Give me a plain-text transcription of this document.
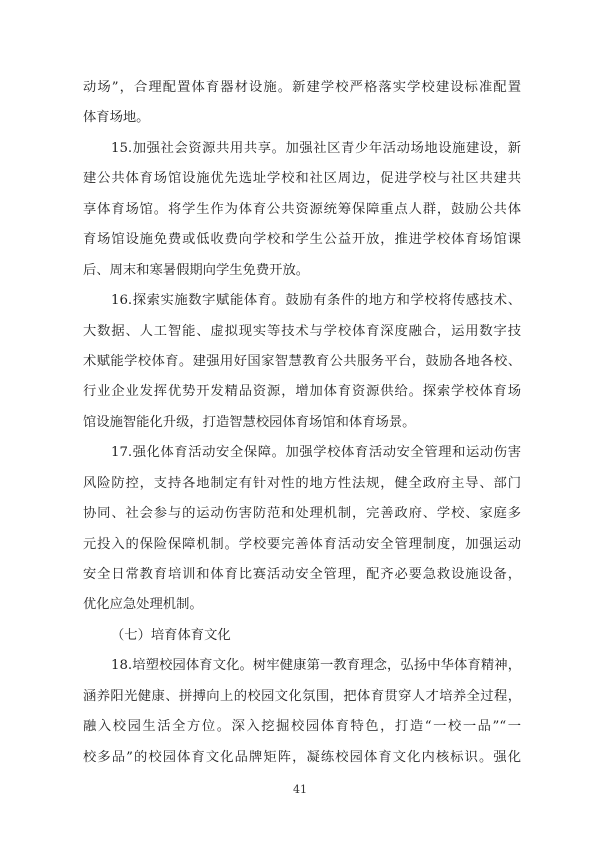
动场”，合理配置体育器材设施。新建学校严格落实学校建设标准配置
体育场地。
15.加强社会资源共用共享。加强社区青少年活动场地设施建设，新
建公共体育场馆设施优先选址学校和社区周边，促进学校与社区共建共
享体育场馆。将学生作为体育公共资源统筹保障重点人群，鼓励公共体
育场馆设施免费或低收费向学校和学生公益开放，推进学校体育场馆课
后、周末和寒暑假期向学生免费开放。
16.探索实施数字赋能体育。鼓励有条件的地方和学校将传感技术、
大数据、人工智能、虚拟现实等技术与学校体育深度融合，运用数字技
术赋能学校体育。建强用好国家智慧教育公共服务平台，鼓励各地各校、
行业企业发挥优势开发精品资源，增加体育资源供给。探索学校体育场
馆设施智能化升级，打造智慧校园体育场馆和体育场景。
17.强化体育活动安全保障。加强学校体育活动安全管理和运动伤害
风险防控，支持各地制定有针对性的地方性法规，健全政府主导、部门
协同、社会参与的运动伤害防范和处理机制，完善政府、学校、家庭多
元投入的保险保障机制。学校要完善体育活动安全管理制度，加强运动
安全日常教育培训和体育比赛活动安全管理，配齐必要急救设施设备，
优化应急处理机制。
（七）培育体育文化
18.培塑校园体育文化。树牢健康第一教育理念，弘扬中华体育精神，
涵养阳光健康、拼搏向上的校园文化氛围，把体育贯穿人才培养全过程，
融入校园生活全方位。深入挖掘校园体育特色，打造“一校一品”“一
校多品”的校园体育文化品牌矩阵，凝练校园体育文化内核标识。强化
41
